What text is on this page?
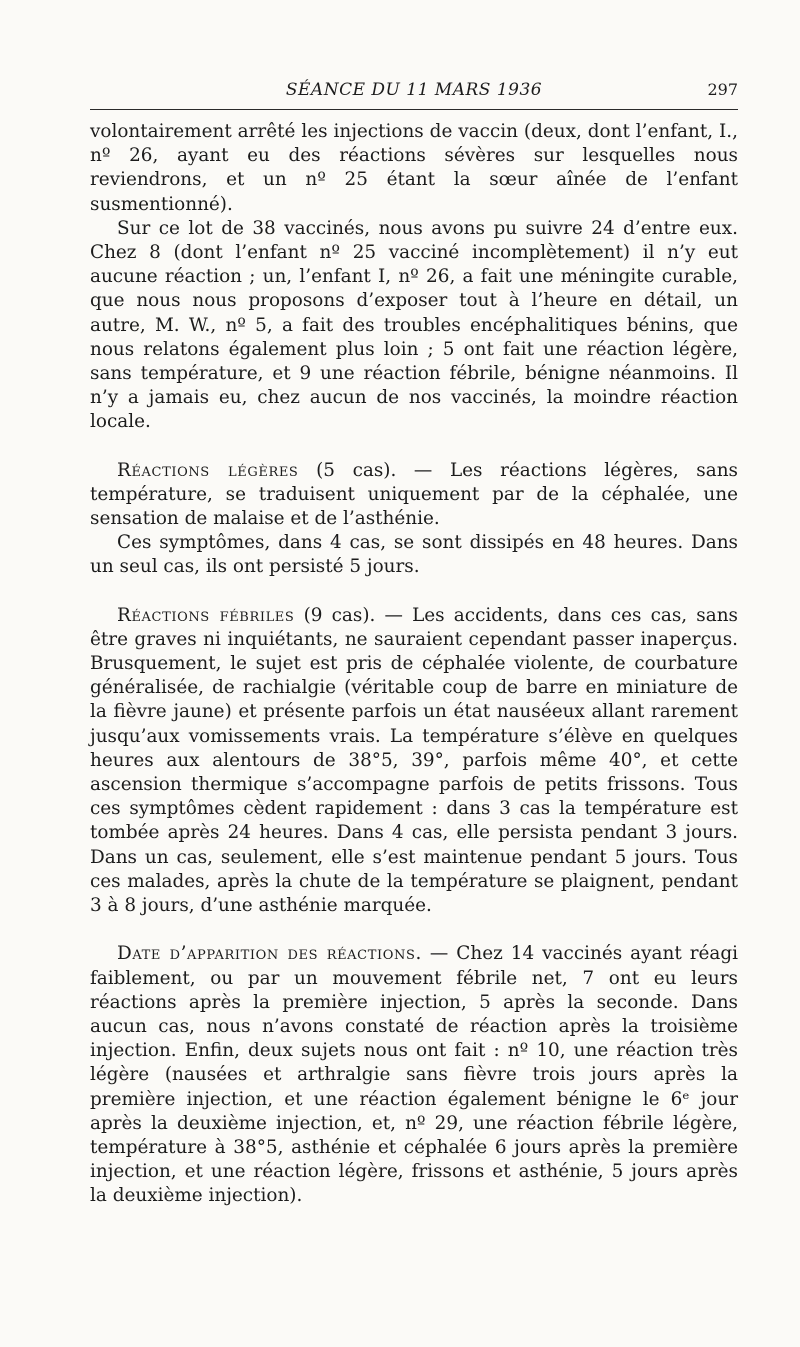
SÉANCE DU 11 MARS 1936	297

volontairement arrêté les injections de vaccin (deux, dont l’enfant, I., nº 26, ayant eu des réactions sévères sur lesquelles nous reviendrons, et un nº 25 étant la sœur aînée de l’enfant susmentionné).

Sur ce lot de 38 vaccinés, nous avons pu suivre 24 d’entre eux. Chez 8 (dont l’enfant nº 25 vacciné incomplètement) il n’y eut aucune réaction ; un, l’enfant I, nº 26, a fait une méningite curable, que nous nous proposons d’exposer tout à l’heure en détail, un autre, M. W., nº 5, a fait des troubles encéphalitiques bénins, que nous relatons également plus loin ; 5 ont fait une réaction légère, sans température, et 9 une réaction fébrile, bénigne néanmoins. Il n’y a jamais eu, chez aucun de nos vaccinés, la moindre réaction locale.

Réactions légères (5 cas). — Les réactions légères, sans température, se traduisent uniquement par de la céphalée, une sensation de malaise et de l’asthénie.

Ces symptômes, dans 4 cas, se sont dissipés en 48 heures. Dans un seul cas, ils ont persisté 5 jours.

Réactions fébriles (9 cas). — Les accidents, dans ces cas, sans être graves ni inquiétants, ne sauraient cependant passer inaperçus. Brusquement, le sujet est pris de céphalée violente, de courbature généralisée, de rachialgie (véritable coup de barre en miniature de la fièvre jaune) et présente parfois un état nauséeux allant rarement jusqu’aux vomissements vrais. La température s’élève en quelques heures aux alentours de 38°5, 39°, parfois même 40°, et cette ascension thermique s’accompagne parfois de petits frissons. Tous ces symptômes cèdent rapidement : dans 3 cas la température est tombée après 24 heures. Dans 4 cas, elle persista pendant 3 jours. Dans un cas, seulement, elle s’est maintenue pendant 5 jours. Tous ces malades, après la chute de la température se plaignent, pendant 3 à 8 jours, d’une asthénie marquée.

Date d’apparition des réactions. — Chez 14 vaccinés ayant réagi faiblement, ou par un mouvement fébrile net, 7 ont eu leurs réactions après la première injection, 5 après la seconde. Dans aucun cas, nous n’avons constaté de réaction après la troisième injection. Enfin, deux sujets nous ont fait : nº 10, une réaction très légère (nausées et arthralgie sans fièvre trois jours après la première injection, et une réaction également bénigne le 6ᵉ jour après la deuxième injection, et, nº 29, une réaction fébrile légère, température à 38°5, asthénie et céphalée 6 jours après la première injection, et une réaction légère, frissons et asthénie, 5 jours après la deuxième injection).
